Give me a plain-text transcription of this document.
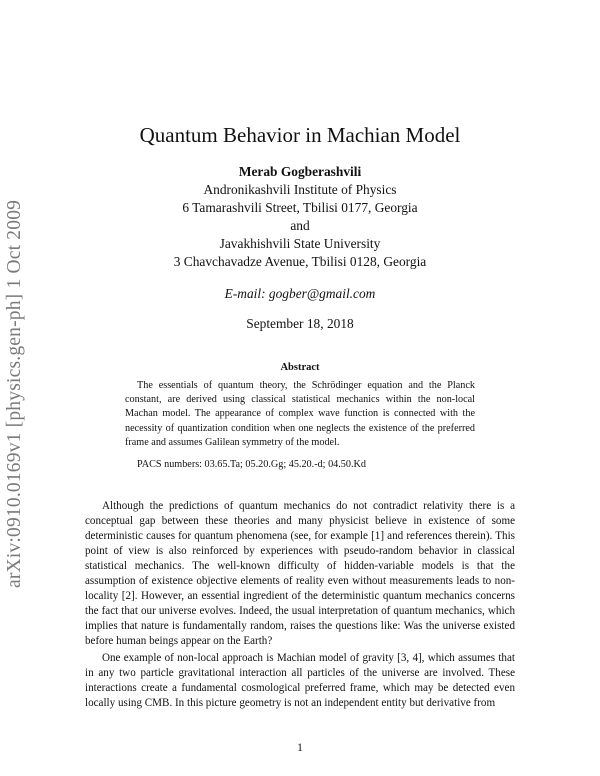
arXiv:0910.0169v1 [physics.gen-ph] 1 Oct 2009
Quantum Behavior in Machian Model
Merab Gogberashvili
Andronikashvili Institute of Physics
6 Tamarashvili Street, Tbilisi 0177, Georgia
and
Javakhishvili State University
3 Chavchavadze Avenue, Tbilisi 0128, Georgia
E-mail: gogber@gmail.com
September 18, 2018
Abstract
The essentials of quantum theory, the Schrödinger equation and the Planck constant, are derived using classical statistical mechanics within the non-local Machan model. The appearance of complex wave function is connected with the necessity of quantization condition when one neglects the existence of the preferred frame and assumes Galilean symmetry of the model.
PACS numbers: 03.65.Ta; 05.20.Gg; 45.20.-d; 04.50.Kd

Although the predictions of quantum mechanics do not contradict relativity there is a conceptual gap between these theories and many physicist believe in existence of some deterministic causes for quantum phenomena (see, for example [1] and references therein). This point of view is also reinforced by experiences with pseudo-random behavior in classical statistical mechanics. The well-known difficulty of hidden-variable models is that the assumption of existence objective elements of reality even without measurements leads to non-locality [2]. However, an essential ingredient of the deterministic quantum mechanics concerns the fact that our universe evolves. Indeed, the usual interpretation of quantum mechanics, which implies that nature is fundamentally random, raises the questions like: Was the universe existed before human beings appear on the Earth?

One example of non-local approach is Machian model of gravity [3, 4], which assumes that in any two particle gravitational interaction all particles of the universe are involved. These interactions create a fundamental cosmological preferred frame, which may be detected even locally using CMB. In this picture geometry is not an independent entity but derivative from

1
